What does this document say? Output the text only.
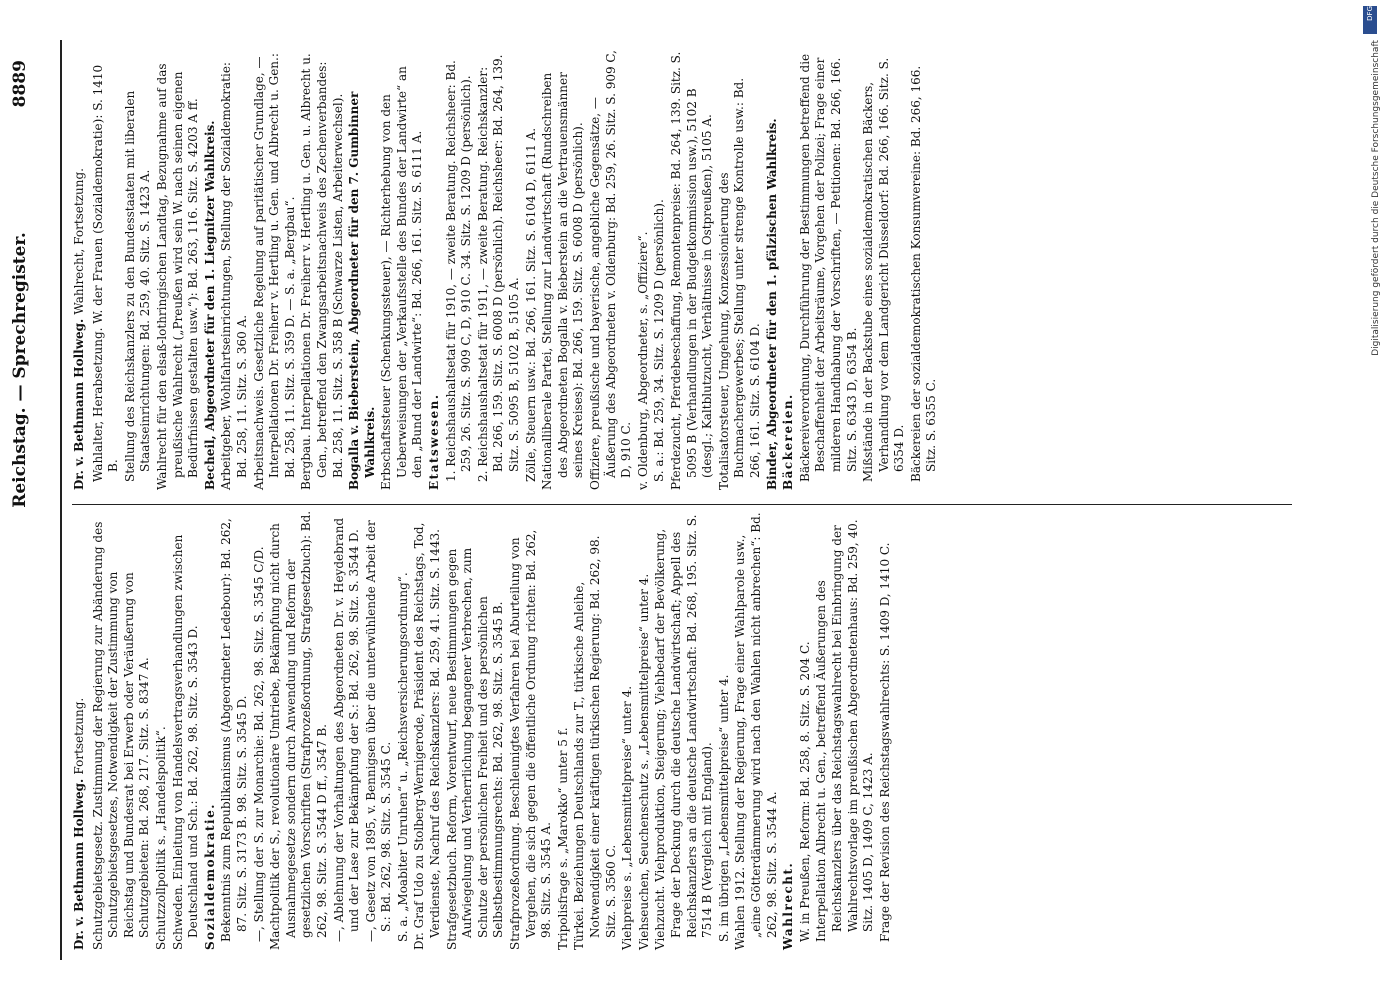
Reichstag. — Sprechregister.
8889
Dr. v. Bethmann Hollweg. Fortsetzung. Schutzgebietsgesetz. Zustimmung der Regierung zur Abänderung des Schutzgebietsgesetzes, Notwendigkeit der Zustimmung von Reichstag und Bundesrat bei Erwerb oder Veräußerung von Schutzgebieten: Bd. 268, 217. Sitz. S. 8347 A. Schutzzollpolitik s. „Handelspolitik“. Schweden. Einleitung von Handelsvertragsverhandlungen zwischen Deutschland und Sch.: Bd. 262, 98. Sitz. S. 3543 D. Sozialdemokratie. Bekenntnis zum Republikanismus (Abgeordneter Ledebour): Bd. 262, 87. Sitz. S. 3173 B. 98. Sitz. S. 3545 D. —, Stellung der S. zur Monarchie: Bd. 262, 98. Sitz. S. 3545 C/D. Machtpolitik der S., revolutionäre Umtriebe, Bekämpfung nicht durch Ausnahmegesetze sondern durch Anwendung und Reform der gesetzlichen Vorschriften (Strafprozeßordnung, Strafgesetzbuch): Bd. 262, 98. Sitz. S. 3544 D ff., 3547 B. —, Ablehnung der Vorhaltungen des Abgeordneten Dr. v. Heydebrand und der Lase zur Bekämpfung der S.: Bd. 262, 98. Sitz. S. 3544 D. —, Gesetz von 1895, v. Bennigsen über die unterwühlende Arbeit der S.: Bd. 262, 98. Sitz. S. 3545 C. S. a. „Moabiter Unruhen“ u. „Reichsversicherungsordnung“. Dr. Graf Udo zu Stolberg-Wernigerode, Präsident des Reichstags, Tod, Verdienste, Nachruf des Reichskanzlers: Bd. 259, 41. Sitz. S. 1443. Strafgesetzbuch. Reform, Vorentwurf, neue Bestimmungen gegen Aufwiegelung und Verherrlichung begangener Verbrechen, zum Schutze der persönlichen Freiheit und des persönlichen Selbstbestimmungsrechts: Bd. 262, 98. Sitz. S. 3545 B. Strafprozeßordnung. Beschleunigtes Verfahren bei Aburteilung von Vergehen, die sich gegen die öffentliche Ordnung richten: Bd. 262, 98. Sitz. S. 3545 A. Tripolisfrage s. „Marokko“ unter 5 f. Türkei. Beziehungen Deutschlands zur T., türkische Anleihe, Notwendigkeit einer kräftigen türkischen Regierung: Bd. 262, 98. Sitz. S. 3560 C. Viehpreise s. „Lebensmittelpreise“ unter 4. Viehseuchen, Seuchenschutz s. „Lebensmittelpreise“ unter 4. Viehzucht. Viehproduktion, Steigerung; Viehbedarf der Bevölkerung, Frage der Deckung durch die deutsche Landwirtschaft; Appell des Reichskanzlers an die deutsche Landwirtschaft: Bd. 268, 195. Sitz. S. 7514 B (Vergleich mit England). S. im übrigen „Lebensmittelpreise“ unter 4. Wahlen 1912. Stellung der Regierung, Frage einer Wahlparole usw., „eine Götterdämmerung wird nach den Wahlen nicht anbrechen“: Bd. 262, 98. Sitz. S. 3544 A. Wahlrecht. W. in Preußen, Reform: Bd. 258, 8. Sitz. S. 204 C. Interpellation Albrecht u. Gen., betreffend Äußerungen des Reichskanzlers über das Reichstagswahlrecht bei Einbringung der Wahlrechtsvorlage im preußischen Abgeordnetenhaus: Bd. 259, 40. Sitz. 1405 D, 1409 C, 1423 A. Frage der Revision des Reichstagswahlrechts: S. 1409 D, 1410 C.
Dr. v. Bethmann Hollweg. Wahlrecht, Fortsetzung. Wahlalter, Herabsetzung. W. der Frauen (Sozialdemokratie): S. 1410 B. Stellung des Reichskanzlers zu den Bundesstaaten mit liberalen Staatseinrichtungen: Bd. 259, 40. Sitz. S. 1423 A. Wahlrecht für den elsaß-lothringischen Landtag, Bezugnahme auf das preußische Wahlrecht („Preußen wird sein W. nach seinen eigenen Bedürfnissen gestalten usw.“): Bd. 263, 116. Sitz. S. 4203 A ff. Becheil, Abgeordneter für den 1. Liegnitzer Wahlkreis. Arbeitgeber, Wohlfahrtseinrichtungen, Stellung der Sozialdemokratie: Bd. 258, 11. Sitz. S. 360 A. Arbeitsnachweis. Gesetzliche Regelung auf paritätischer Grundlage, — Interpellationen Dr. Freiherr v. Hertling u. Gen. und Albrecht u. Gen.: Bd. 258, 11. Sitz. S. 359 D. — S. a. „Bergbau“. Bergbau. Interpellationen Dr. Freiherr v. Hertling u. Gen. u. Albrecht u. Gen., betreffend den Zwangsarbeitsnachweis des Zechenverbandes: Bd. 258, 11. Sitz. S. 358 B (Schwarze Listen, Arbeiterwechsel). Bogalla v. Bieberstein, Abgeordneter für den 7. Gumbinner Wahlkreis. Erbschaftssteuer (Schenkungssteuer), — Richterhebung von den Ueberweisungen der „Verkaufsstelle des Bundes der Landwirte“ an den „Bund der Landwirte“: Bd. 266, 161. Sitz. S. 6111 A. Etatswesen. 1. Reichshaushaltsetat für 1910, — zweite Beratung. Reichsheer: Bd. 259, 26. Sitz. S. 909 C, D, 910 C. 34. Sitz. S. 1209 D (persönlich). 2. Reichshaushaltsetat für 1911, — zweite Beratung. Reichskanzler: Bd. 266, 159. Sitz. S. 6008 D (persönlich). Reichsheer: Bd. 264, 139. Sitz. S. 5095 B, 5102 B, 5105 A. Zölle, Steuern usw.: Bd. 266, 161. Sitz. S. 6104 D, 6111 A. Nationalliberale Partei, Stellung zur Landwirtschaft (Rundschreiben des Abgeordneten Bogalla v. Bieberstein an die Vertrauensmänner seines Kreises): Bd. 266, 159. Sitz. S. 6008 D (persönlich). Offiziere, preußische und bayerische, angebliche Gegensätze, — Äußerung des Abgeordneten v. Oldenburg: Bd. 259, 26. Sitz. S. 909 C, D, 910 C. v. Oldenburg, Abgeordneter, s. „Offiziere“. S. a.: Bd. 259, 34. Sitz. S. 1209 D (persönlich). Pferdezucht, Pferdebeschaffung, Remontenpreise: Bd. 264, 139. Sitz. S. 5095 B (Verhandlungen in der Budgetkommission usw.), 5102 B (desgl.; Kaltblutzucht, Verhältnisse in Ostpreußen), 5105 A. Totalisatorsteuer, Umgehung, Konzessionierung des Buchmachergewerbes; Stellung unter strenge Kontrolle usw.: Bd. 266, 161. Sitz. S. 6104 D. Binder, Abgeordneter für den 1. pfälzischen Wahlkreis. Bäckereien. Bäckereiverordnung, Durchführung der Bestimmungen betreffend die Beschaffenheit der Arbeitsräume, Vorgehen der Polizei; Frage einer milderen Handhabung der Vorschriften, — Petitionen: Bd. 266, 166. Sitz. S. 6343 D, 6354 B. Mißstände in der Backstube eines sozialdemokratischen Bäckers, Verhandlung vor dem Landgericht Düsseldorf: Bd. 266, 166. Sitz. S. 6354 D. Bäckereien der sozialdemokratischen Konsumvereine: Bd. 266, 166. Sitz. S. 6355 C.
DFG
Digitalisierung gefördert durch die Deutsche Forschungsgemeinschaft
